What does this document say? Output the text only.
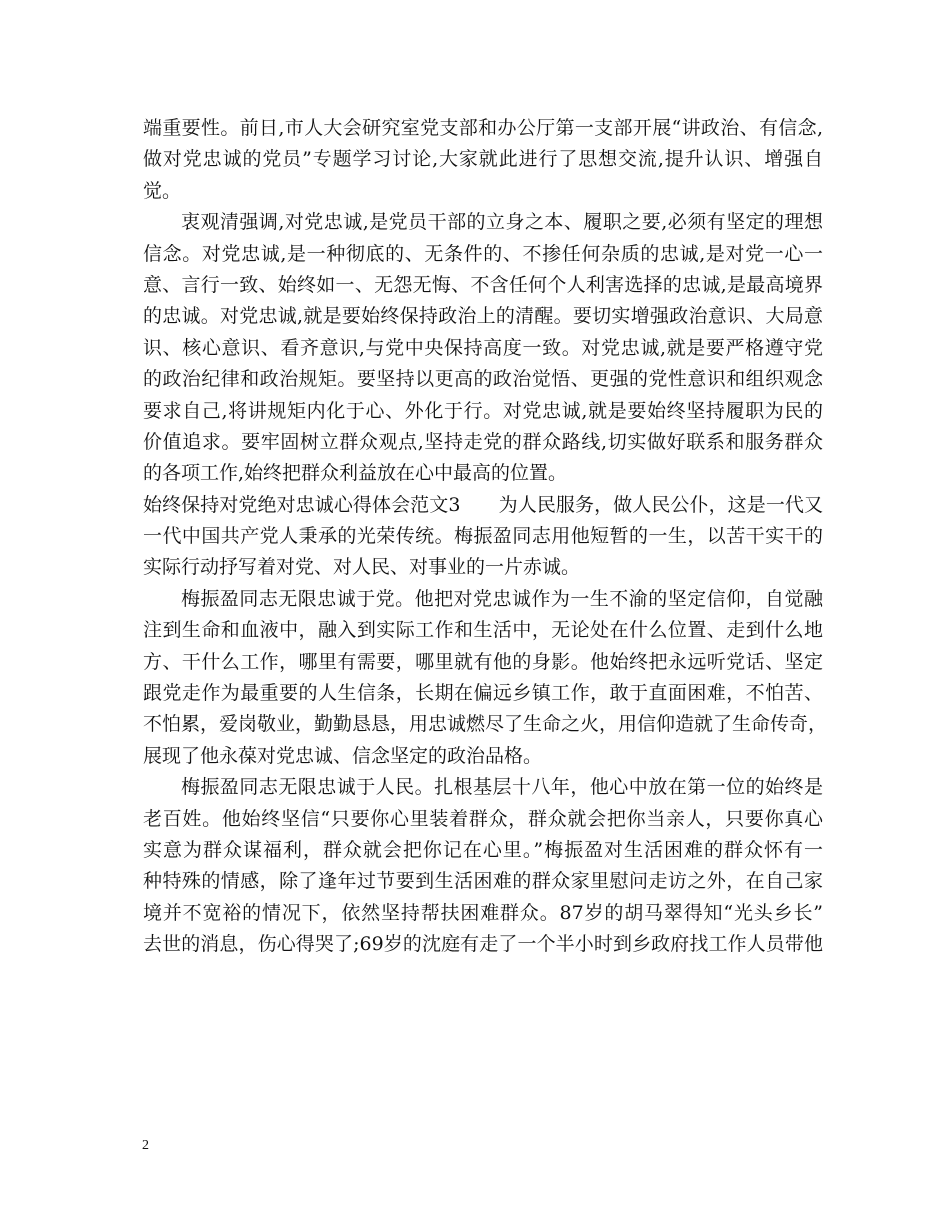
端重要性。前日,市人大会研究室党支部和办公厅第一支部开展“讲政治、有信念,
做对党忠诚的党员”专题学习讨论,大家就此进行了思想交流,提升认识、增强自
觉。
衷观清强调,对党忠诚,是党员干部的立身之本、履职之要,必须有坚定的理想
信念。对党忠诚,是一种彻底的、无条件的、不掺任何杂质的忠诚,是对党一心一
意、言行一致、始终如一、无怨无悔、不含任何个人利害选择的忠诚,是最高境界
的忠诚。对党忠诚,就是要始终保持政治上的清醒。要切实增强政治意识、大局意
识、核心意识、看齐意识,与党中央保持高度一致。对党忠诚,就是要严格遵守党
的政治纪律和政治规矩。要坚持以更高的政治觉悟、更强的党性意识和组织观念
要求自己,将讲规矩内化于心、外化于行。对党忠诚,就是要始终坚持履职为民的
价值追求。要牢固树立群众观点,坚持走党的群众路线,切实做好联系和服务群众
的各项工作,始终把群众利益放在心中最高的位置。
始终保持对党绝对忠诚心得体会范文3　　为人民服务，做人民公仆，这是一代又
一代中国共产党人秉承的光荣传统。梅振盈同志用他短暂的一生，以苦干实干的
实际行动抒写着对党、对人民、对事业的一片赤诚。
梅振盈同志无限忠诚于党。他把对党忠诚作为一生不渝的坚定信仰，自觉融
注到生命和血液中，融入到实际工作和生活中，无论处在什么位置、走到什么地
方、干什么工作，哪里有需要，哪里就有他的身影。他始终把永远听党话、坚定
跟党走作为最重要的人生信条，长期在偏远乡镇工作，敢于直面困难，不怕苦、
不怕累，爱岗敬业，勤勤恳恳，用忠诚燃尽了生命之火，用信仰造就了生命传奇，
展现了他永葆对党忠诚、信念坚定的政治品格。
梅振盈同志无限忠诚于人民。扎根基层十八年，他心中放在第一位的始终是
老百姓。他始终坚信“只要你心里装着群众，群众就会把你当亲人，只要你真心
实意为群众谋福利，群众就会把你记在心里。”梅振盈对生活困难的群众怀有一
种特殊的情感，除了逢年过节要到生活困难的群众家里慰问走访之外，在自己家
境并不宽裕的情况下，依然坚持帮扶困难群众。87岁的胡马翠得知“光头乡长”
去世的消息，伤心得哭了;69岁的沈庭有走了一个半小时到乡政府找工作人员带他
2
